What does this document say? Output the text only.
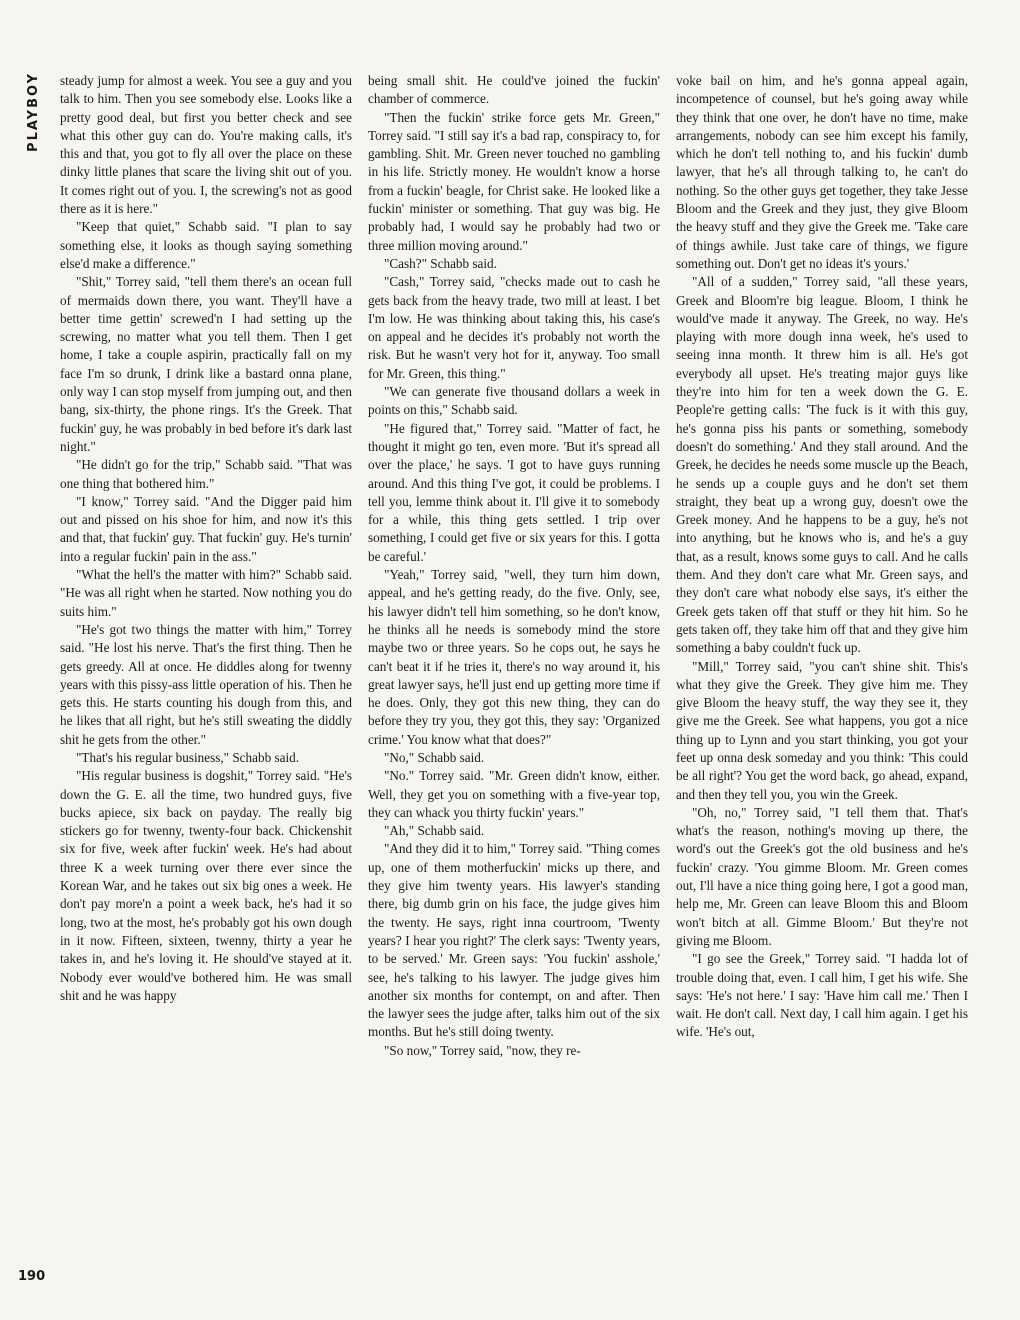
PLAYBOY	steady jump for almost a week. You see a guy and you talk to him. Then you see somebody else. Looks like a pretty good deal, but first you better check and see what this other guy can do. You're making calls, it's this and that, you got to fly all over the place on these dinky little planes that scare the living shit out of you. It comes right out of you. I, the screwing's not as good there as it is here."

"Keep that quiet," Schabb said. "I plan to say something else, it looks as though saying something else'd make a difference."

"Shit," Torrey said, "tell them there's an ocean full of mermaids down there, you want. They'll have a better time gettin' screwed'n I had setting up the screwing, no matter what you tell them. Then I get home, I take a couple aspirin, practically fall on my face I'm so drunk, I drink like a bastard onna plane, only way I can stop myself from jumping out, and then bang, six-thirty, the phone rings. It's the Greek. That fuckin' guy, he was probably in bed before it's dark last night."

"He didn't go for the trip," Schabb said. "That was one thing that bothered him."

"I know," Torrey said. "And the Digger paid him out and pissed on his shoe for him, and now it's this and that, that fuckin' guy. That fuckin' guy. He's turnin' into a regular fuckin' pain in the ass."

"What the hell's the matter with him?" Schabb said. "He was all right when he started. Now nothing you do suits him."

"He's got two things the matter with him," Torrey said. "He lost his nerve. That's the first thing. Then he gets greedy. All at once. He diddles along for twenny years with this pissy-ass little operation of his. Then he gets this. He starts counting his dough from this, and he likes that all right, but he's still sweating the diddly shit he gets from the other."

"That's his regular business," Schabb said.

"His regular business is dogshit," Torrey said. "He's down the G. E. all the time, two hundred guys, five bucks apiece, six back on payday. The really big stickers go for twenny, twenty-four back. Chickenshit six for five, week after fuckin' week. He's had about three K a week turning over there ever since the Korean War, and he takes out six big ones a week. He don't pay more'n a point a week back, he's had it so long, two at the most, he's probably got his own dough in it now. Fifteen, sixteen, twenny, thirty a year he takes in, and he's loving it. He should've stayed at it. Nobody ever would've bothered him. He was small shit and he was happy

being small shit. He could've joined the fuckin' chamber of commerce.

"Then the fuckin' strike force gets Mr. Green," Torrey said. "I still say it's a bad rap, conspiracy to, for gambling. Shit. Mr. Green never touched no gambling in his life. Strictly money. He wouldn't know a horse from a fuckin' beagle, for Christ sake. He looked like a fuckin' minister or something. That guy was big. He probably had, I would say he probably had two or three million moving around."

"Cash?" Schabb said.

"Cash," Torrey said, "checks made out to cash he gets back from the heavy trade, two mill at least. I bet I'm low. He was thinking about taking this, his case's on appeal and he decides it's probably not worth the risk. But he wasn't very hot for it, anyway. Too small for Mr. Green, this thing."

"We can generate five thousand dollars a week in points on this," Schabb said.

"He figured that," Torrey said. "Matter of fact, he thought it might go ten, even more. 'But it's spread all over the place,' he says. 'I got to have guys running around. And this thing I've got, it could be problems. I tell you, lemme think about it. I'll give it to somebody for a while, this thing gets settled. I trip over something, I could get five or six years for this. I gotta be careful.'

"Yeah," Torrey said, "well, they turn him down, appeal, and he's getting ready, do the five. Only, see, his lawyer didn't tell him something, so he don't know, he thinks all he needs is somebody mind the store maybe two or three years. So he cops out, he says he can't beat it if he tries it, there's no way around it, his great lawyer says, he'll just end up getting more time if he does. Only, they got this new thing, they can do before they try you, they got this, they say: 'Organized crime.' You know what that does?"

"No," Schabb said.

"No." Torrey said. "Mr. Green didn't know, either. Well, they get you on something with a five-year top, they can whack you thirty fuckin' years."

"Ah," Schabb said.

"And they did it to him," Torrey said. "Thing comes up, one of them motherfuckin' micks up there, and they give him twenty years. His lawyer's standing there, big dumb grin on his face, the judge gives him the twenty. He says, right inna courtroom, 'Twenty years? I hear you right?' The clerk says: 'Twenty years, to be served.' Mr. Green says: 'You fuckin' asshole,' see, he's talking to his lawyer. The judge gives him another six months for contempt, on and after. Then the lawyer sees the judge after, talks him out of the six months. But he's still doing twenty.

"So now," Torrey said, "now, they re-

voke bail on him, and he's gonna appeal again, incompetence of counsel, but he's going away while they think that one over, he don't have no time, make arrangements, nobody can see him except his family, which he don't tell nothing to, and his fuckin' dumb lawyer, that he's all through talking to, he can't do nothing. So the other guys get together, they take Jesse Bloom and the Greek and they just, they give Bloom the heavy stuff and they give the Greek me. 'Take care of things awhile. Just take care of things, we figure something out. Don't get no ideas it's yours.'

"All of a sudden," Torrey said, "all these years, Greek and Bloom're big league. Bloom, I think he would've made it anyway. The Greek, no way. He's playing with more dough inna week, he's used to seeing inna month. It threw him is all. He's got everybody all upset. He's treating major guys like they're into him for ten a week down the G. E. People're getting calls: 'The fuck is it with this guy, he's gonna piss his pants or something, somebody doesn't do something.' And they stall around. And the Greek, he decides he needs some muscle up the Beach, he sends up a couple guys and he don't set them straight, they beat up a wrong guy, doesn't owe the Greek money. And he happens to be a guy, he's not into anything, but he knows who is, and he's a guy that, as a result, knows some guys to call. And he calls them. And they don't care what Mr. Green says, and they don't care what nobody else says, it's either the Greek gets taken off that stuff or they hit him. So he gets taken off, they take him off that and they give him something a baby couldn't fuck up.

"Mill," Torrey said, "you can't shine shit. This's what they give the Greek. They give him me. They give Bloom the heavy stuff, the way they see it, they give me the Greek. See what happens, you got a nice thing up to Lynn and you start thinking, you got your feet up onna desk someday and you think: 'This could be all right'? You get the word back, go ahead, expand, and then they tell you, you win the Greek.

"Oh, no," Torrey said, "I tell them that. That's what's the reason, nothing's moving up there, the word's out the Greek's got the old business and he's fuckin' crazy. 'You gimme Bloom. Mr. Green comes out, I'll have a nice thing going here, I got a good man, help me, Mr. Green can leave Bloom this and Bloom won't bitch at all. Gimme Bloom.' But they're not giving me Bloom.

"I go see the Greek," Torrey said. "I hadda lot of trouble doing that, even. I call him, I get his wife. She says: 'He's not here.' I say: 'Have him call me.' Then I wait. He don't call. Next day, I call him again. I get his wife. 'He's out,

190
